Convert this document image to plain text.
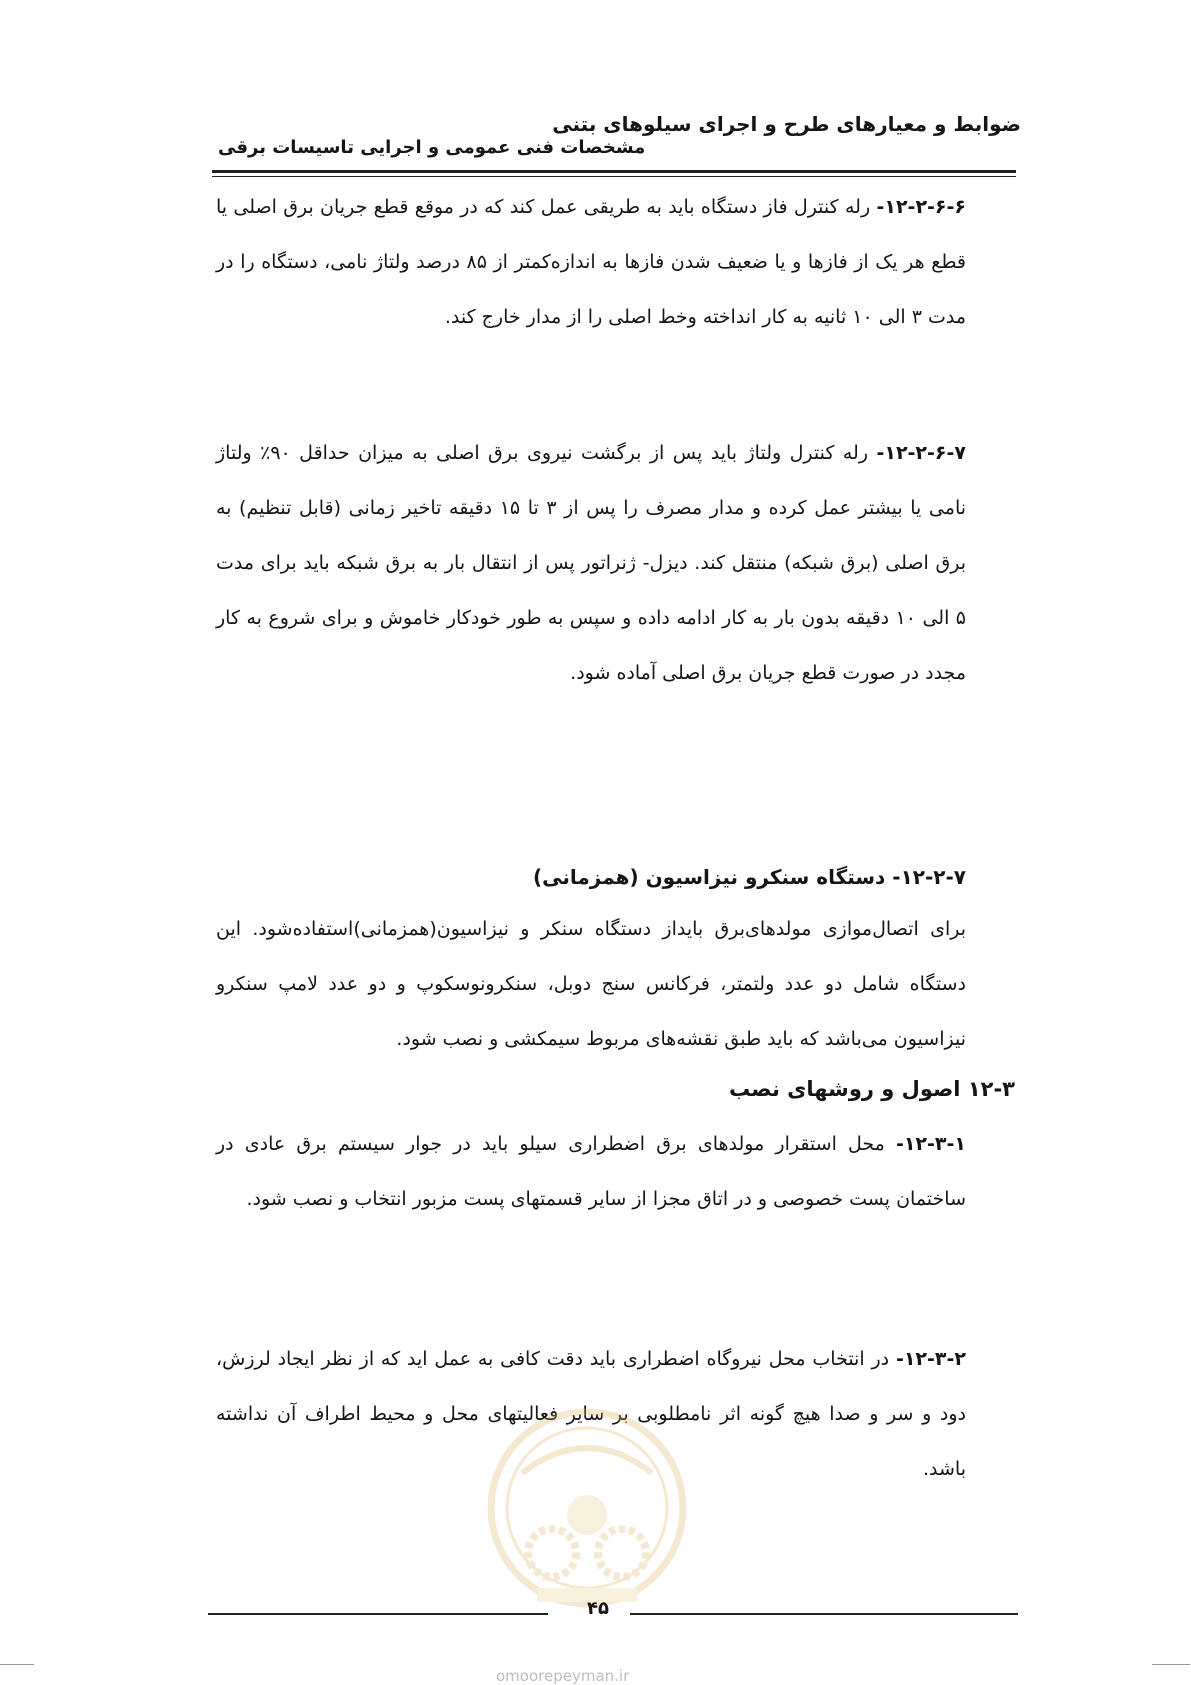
ضوابط و معیارهای طرح و اجرای سیلوهای بتنی
مشخصات فنی عمومی و اجرایی تاسیسات برقی
۱۲-۲-۶-۶- رله کنترل فاز دستگاه باید به طریقی عمل کند که در موقع قطع جریان برق اصلی یا قطع هر یک از فازها و یا ضعیف شدن فازها به اندازه‌کمتر از ۸۵ درصد ولتاژ نامی، دستگاه را در مدت ۳ الی ۱۰ ثانیه به کار انداخته وخط اصلی را از مدار خارج کند.
۱۲-۲-۶-۷- رله کنترل ولتاژ باید پس از برگشت نیروی برق اصلی به میزان حداقل ۹۰٪ ولتاژ نامی یا بیشتر عمل کرده و مدار مصرف را پس از ۳ تا ۱۵ دقیقه تاخیر زمانی (قابل تنظیم) به برق اصلی (برق شبکه) منتقل کند. دیزل- ژنراتور پس از انتقال بار به برق شبکه باید برای مدت ۵ الی ۱۰ دقیقه بدون بار به کار ادامه داده و سپس به طور خودکار خاموش و برای شروع به کار مجدد در صورت قطع جریان برق اصلی آماده شود.
۱۲-۲-۷- دستگاه سنکرو نیزاسیون (همزمانی)
برای اتصال‌موازی مولدهای‌برق بایداز دستگاه سنکر و نیزاسیون(همزمانی)استفاده‌شود. این دستگاه شامل دو عدد ولتمتر، فرکانس سنج دوبل، سنکرونوسکوپ و دو عدد لامپ سنکرو نیزاسیون می‌باشد که باید طبق نقشه‌های مربوط سیمکشی و نصب شود.
۱۲-۳ اصول و روشهای نصب
۱۲-۳-۱- محل استقرار مولدهای برق اضطراری سیلو باید در جوار سیستم برق عادی در ساختمان پست خصوصی و در اتاق مجزا از سایر قسمتهای پست مزبور انتخاب و نصب شود.
۱۲-۳-۲- در انتخاب محل نیروگاه اضطراری باید دقت کافی به عمل اید که از نظر ایجاد لرزش، دود و سر و صدا هیچ گونه اثر نامطلوبی بر سایر فعالیتهای محل و محیط اطراف آن نداشته باشد.
۴۵
omoorepeyman.ir
